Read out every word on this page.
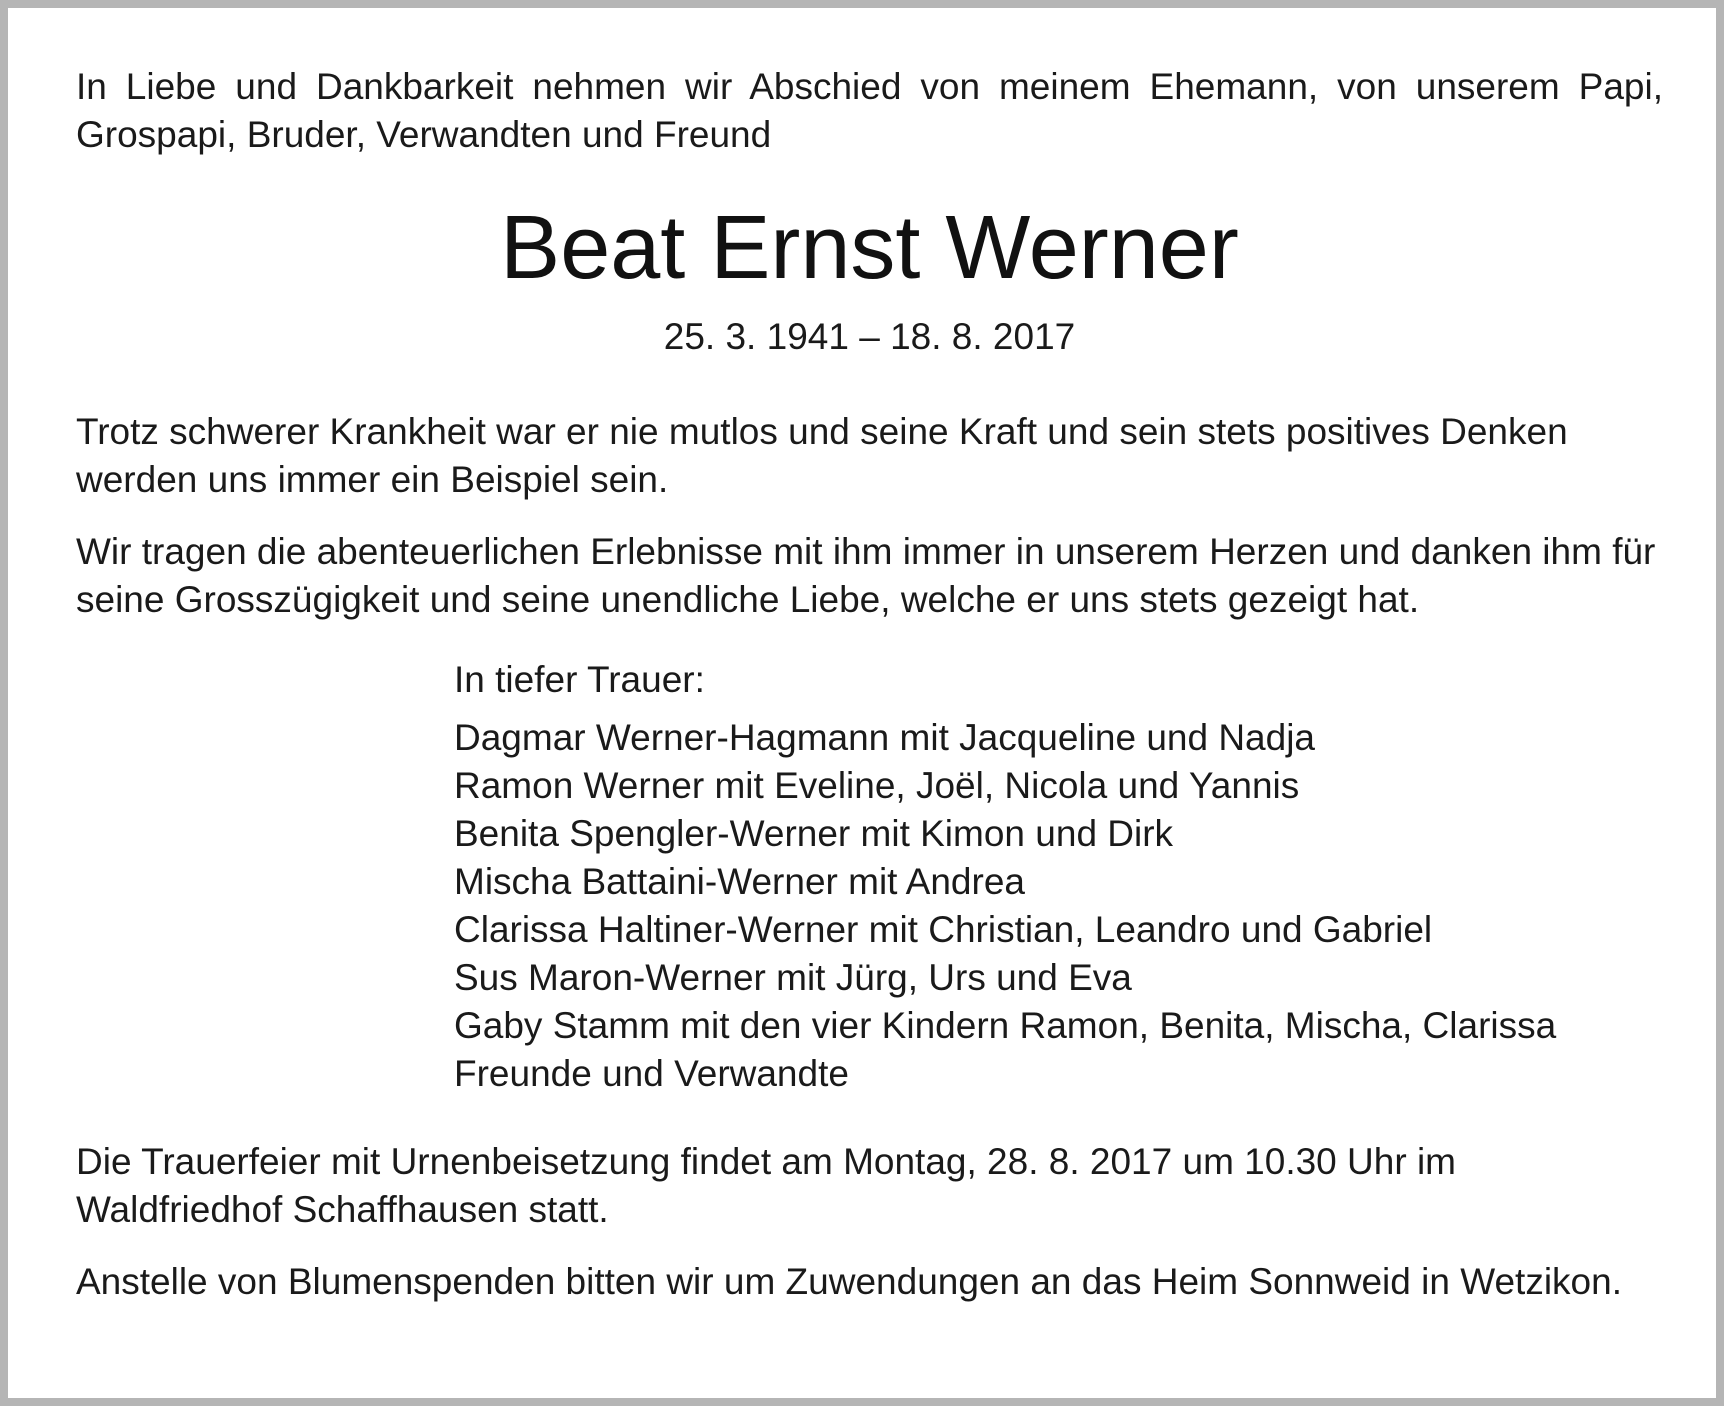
In Liebe und Dankbarkeit nehmen wir Abschied von meinem Ehemann, von unserem Papi, Grospapi, Bruder, Verwandten und Freund

Beat Ernst Werner

25. 3. 1941 – 18. 8. 2017

Trotz schwerer Krankheit war er nie mutlos und seine Kraft und sein stets positives Denken werden uns immer ein Beispiel sein.

Wir tragen die abenteuerlichen Erlebnisse mit ihm immer in unserem Herzen und danken ihm für seine Grosszügigkeit und seine unendliche Liebe, welche er uns stets gezeigt hat.

In tiefer Trauer:

Dagmar Werner-Hagmann mit Jacqueline und Nadja
Ramon Werner mit Eveline, Joël, Nicola und Yannis
Benita Spengler-Werner mit Kimon und Dirk
Mischa Battaini-Werner mit Andrea
Clarissa Haltiner-Werner mit Christian, Leandro und Gabriel
Sus Maron-Werner mit Jürg, Urs und Eva
Gaby Stamm mit den vier Kindern Ramon, Benita, Mischa, Clarissa
Freunde und Verwandte

Die Trauerfeier mit Urnenbeisetzung findet am Montag, 28. 8. 2017 um 10.30 Uhr im Waldfriedhof Schaffhausen statt.

Anstelle von Blumenspenden bitten wir um Zuwendungen an das Heim Sonnweid in Wetzikon.
